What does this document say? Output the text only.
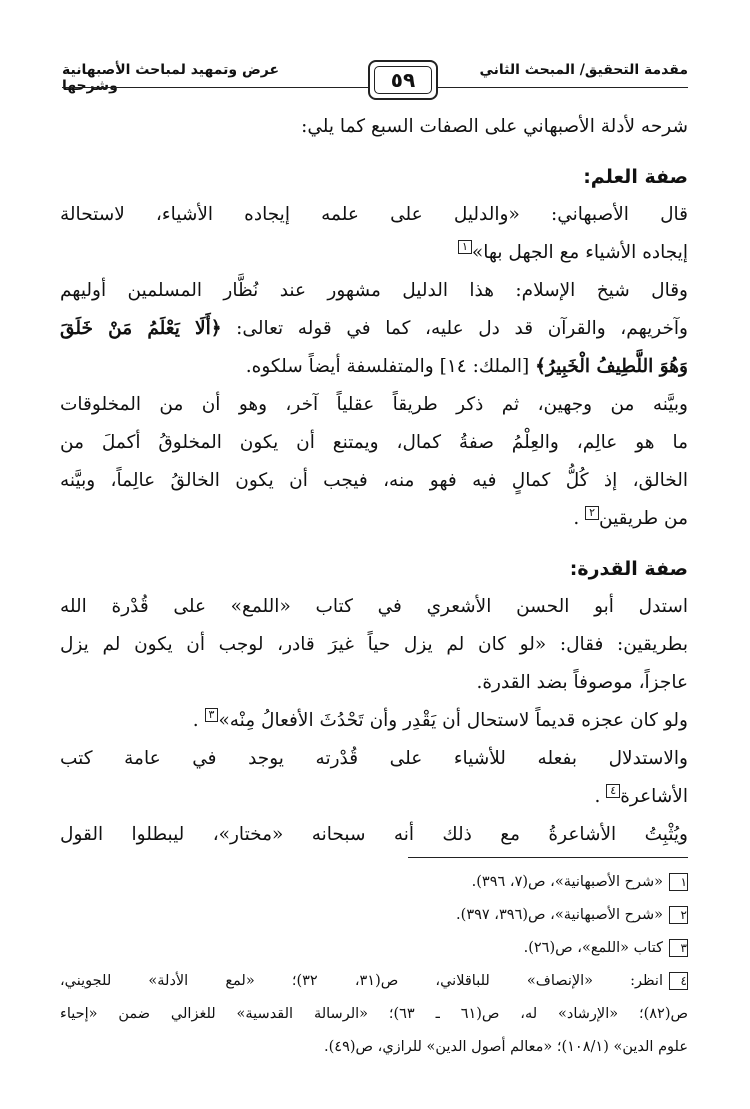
مقدمة التحقيق/ المبحث الثاني
عرض وتمهيد لمباحث الأصبهانية وشرحها	٥٩
شرحه لأدلة الأصبهاني على الصفات السبع كما يلي:
صفة العلم:
قال الأصبهاني: «والدليل على علمه إيجاده الأشياء، لاستحالة
إيجاده الأشياء مع الجهل بها»١
وقال شيخ الإسلام: هذا الدليل مشهور عند نُظَّار المسلمين أوليهم
وآخريهم، والقرآن قد دل عليه، كما في قوله تعالى: ﴿أَلَا يَعْلَمُ مَنْ خَلَقَ
وَهُوَ اللَّطِيفُ الْخَبِيرُ﴾ [الملك: ١٤] والمتفلسفة أيضاً سلكوه.
وبيَّنه من وجهين، ثم ذكر طريقاً عقلياً آخر، وهو أن من المخلوقات
ما هو عالِم، والعِلْمُ صفةُ كمال، ويمتنع أن يكون المخلوقُ أكملَ من
الخالق، إذ كُلُّ كمالٍ فيه فهو منه، فيجب أن يكون الخالقُ عالِماً، وبيَّنه
من طريقين٢ .
صفة القدرة:
استدل أبو الحسن الأشعري في كتاب «اللمع» على قُدْرة الله
بطريقين: فقال: «لو كان لم يزل حياً غيرَ قادر، لوجب أن يكون لم يزل
عاجزاً، موصوفاً بضد القدرة.
ولو كان عجزه قديماً لاستحال أن يَقْدِر وأن تَحْدُثَ الأفعالُ مِنْه»٣ .
والاستدلال بفعله للأشياء على قُدْرته يوجد في عامة كتب
الأشاعرة٤ .
ويُثْبِتُ الأشاعرةُ مع ذلك أنه سبحانه «مختار»، ليبطلوا القول
١«شرح الأصبهانية»، ص(٧، ٣٩٦).
٢«شرح الأصبهانية»، ص(٣٩٦، ٣٩٧).
٣كتاب «اللمع»، ص(٢٦).
٤انظر: «الإنصاف» للباقلاني، ص(٣١، ٣٢)؛ «لمع الأدلة» للجويني،
ص(٨٢)؛ «الإرشاد» له، ص(٦١ ـ ٦٣)؛ «الرسالة القدسية» للغزالي ضمن «إحياء
علوم الدين» (١٠٨/١)؛ «معالم أصول الدين» للرازي، ص(٤٩).
